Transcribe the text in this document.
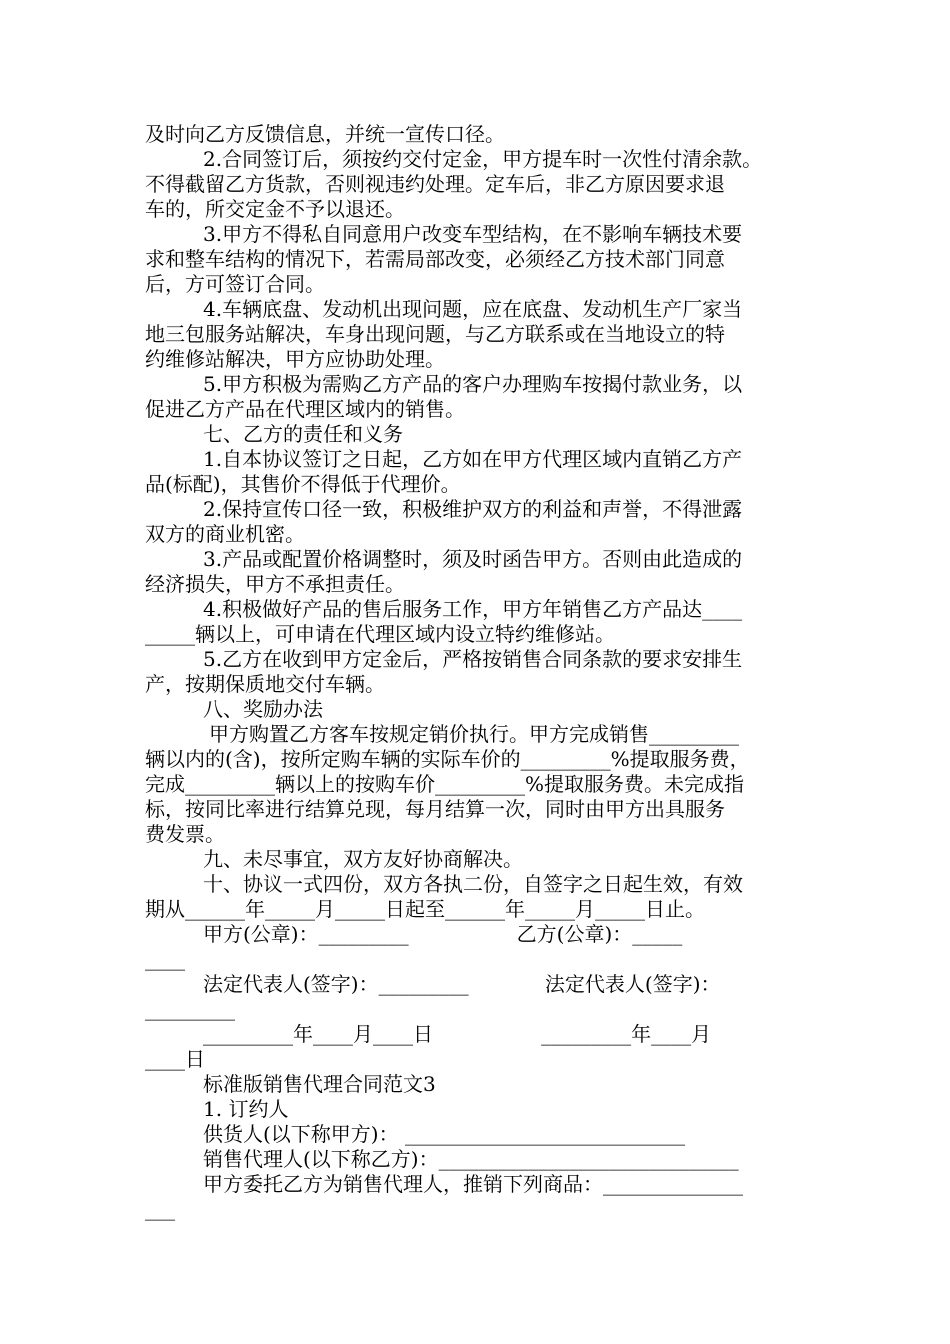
及时向乙方反馈信息，并统一宣传口径。
2.合同签订后，须按约交付定金，甲方提车时一次性付清余款。
不得截留乙方货款，否则视违约处理。定车后，非乙方原因要求退
车的，所交定金不予以退还。
3.甲方不得私自同意用户改变车型结构，在不影响车辆技术要
求和整车结构的情况下，若需局部改变，必须经乙方技术部门同意
后，方可签订合同。
4.车辆底盘、发动机出现问题，应在底盘、发动机生产厂家当
地三包服务站解决，车身出现问题，与乙方联系或在当地设立的特
约维修站解决，甲方应协助处理。
5.甲方积极为需购乙方产品的客户办理购车按揭付款业务，以
促进乙方产品在代理区域内的销售。
七、乙方的责任和义务
1.自本协议签订之日起，乙方如在甲方代理区域内直销乙方产
品(标配)，其售价不得低于代理价。
2.保持宣传口径一致，积极维护双方的利益和声誉，不得泄露
双方的商业机密。
3.产品或配置价格调整时，须及时函告甲方。否则由此造成的
经济损失，甲方不承担责任。
4.积极做好产品的售后服务工作，甲方年销售乙方产品达____
_____辆以上，可申请在代理区域内设立特约维修站。
5.乙方在收到甲方定金后，严格按销售合同条款的要求安排生
产，按期保质地交付车辆。
八、奖励办法
甲方购置乙方客车按规定销价执行。甲方完成销售_________
辆以内的(含)，按所定购车辆的实际车价的_________%提取服务费，
完成_________辆以上的按购车价_________%提取服务费。未完成指
标，按同比率进行结算兑现，每月结算一次，同时由甲方出具服务
费发票。
九、未尽事宜，双方友好协商解决。
十、协议一式四份，双方各执二份，自签字之日起生效，有效
期从______年_____月_____日起至______年_____月_____日止。
甲方(公章)：_________                 乙方(公章)：_____
____
法定代表人(签字)：_________            法定代表人(签字)：
_________
_________年____月____日                 _________年____月
____日
标准版销售代理合同范文3
1. 订约人
供货人(以下称甲方)： ____________________________
销售代理人(以下称乙方)：______________________________
甲方委托乙方为销售代理人，推销下列商品：______________
___
